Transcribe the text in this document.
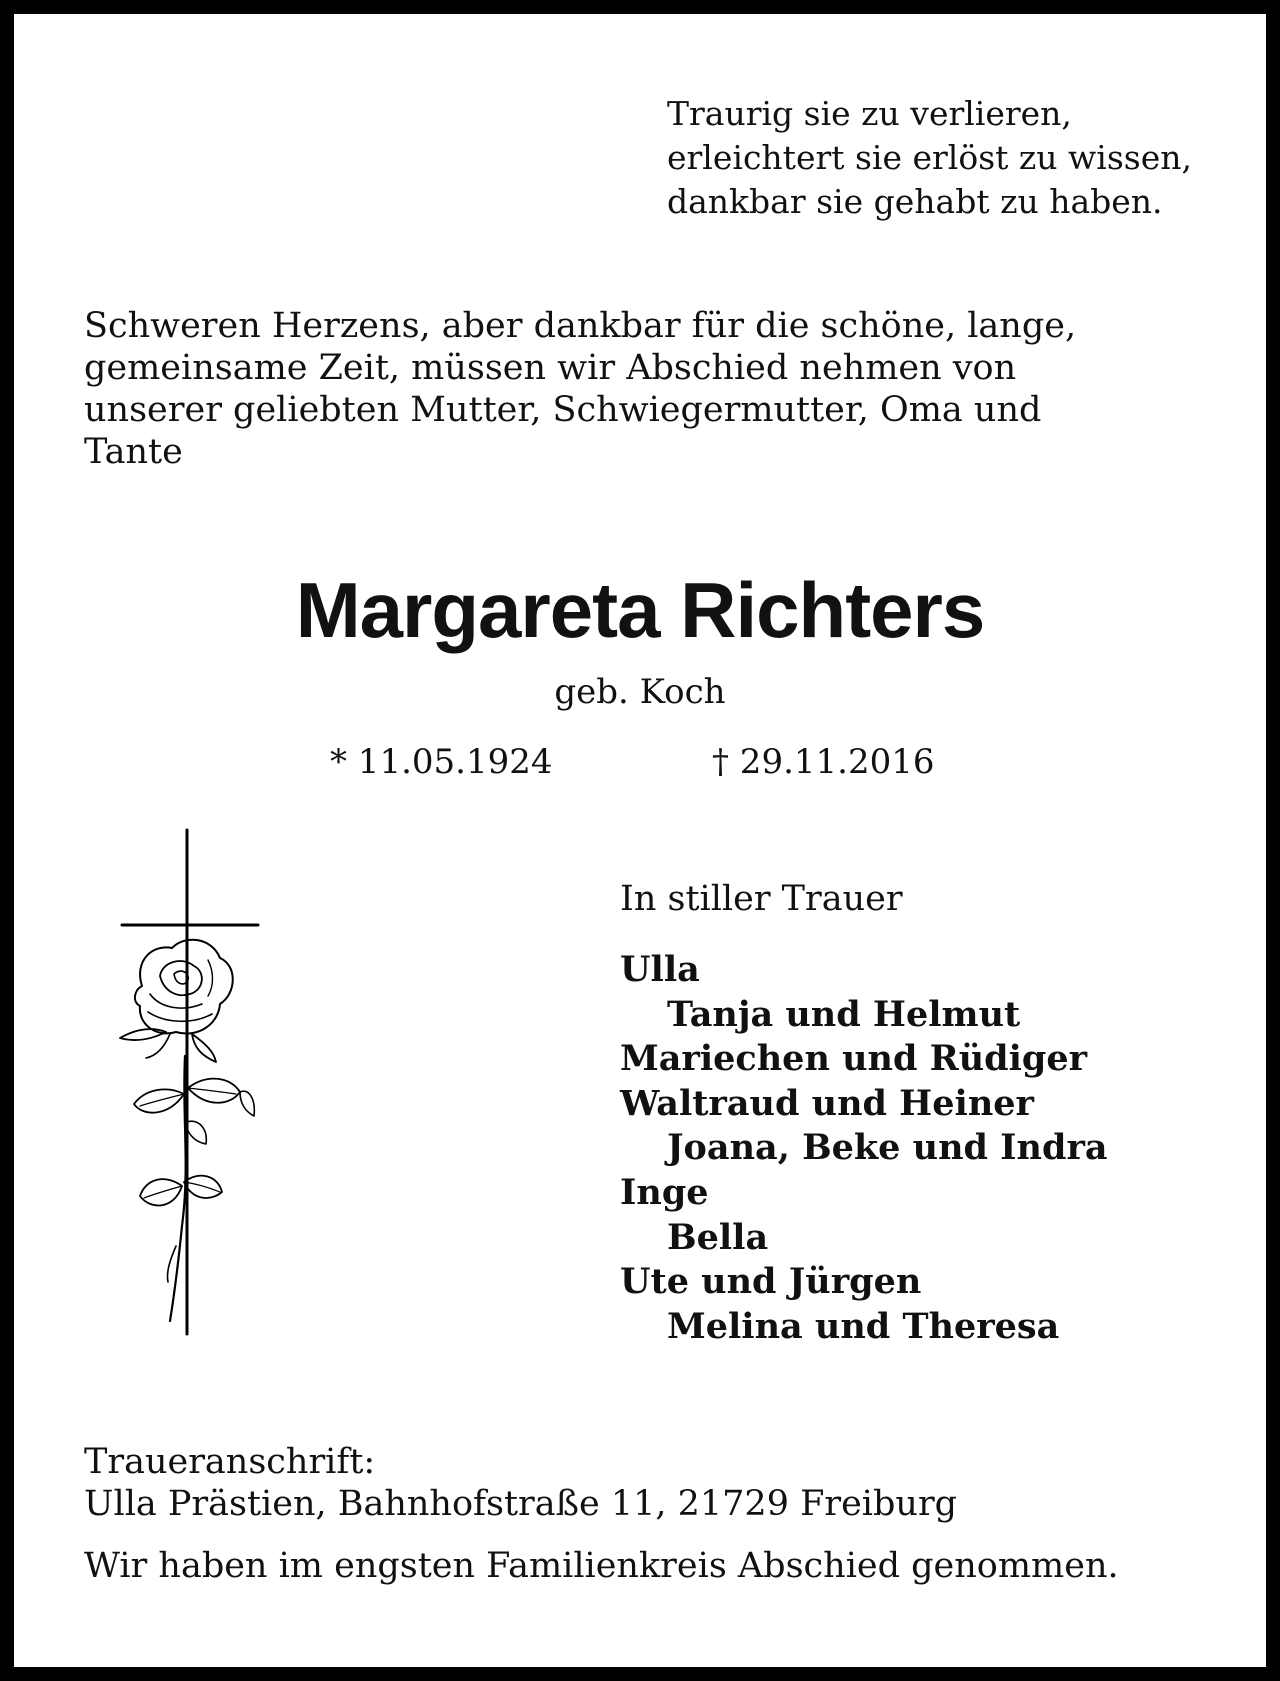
Traurig sie zu verlieren,
erleichtert sie erlöst zu wissen,
dankbar sie gehabt zu haben.
Schweren Herzens, aber dankbar für die schöne, lange,
gemeinsame Zeit, müssen wir Abschied nehmen von
unserer geliebten Mutter, Schwiegermutter, Oma und
Tante
Margareta Richters
geb. Koch
* 11.05.1924	† 29.11.2016
In stiller Trauer
Ulla
Tanja und Helmut
Mariechen und Rüdiger
Waltraud und Heiner
Joana, Beke und Indra
Inge
Bella
Ute und Jürgen
Melina und Theresa
Traueranschrift:
Ulla Prästien, Bahnhofstraße 11, 21729 Freiburg
Wir haben im engsten Familienkreis Abschied genommen.
